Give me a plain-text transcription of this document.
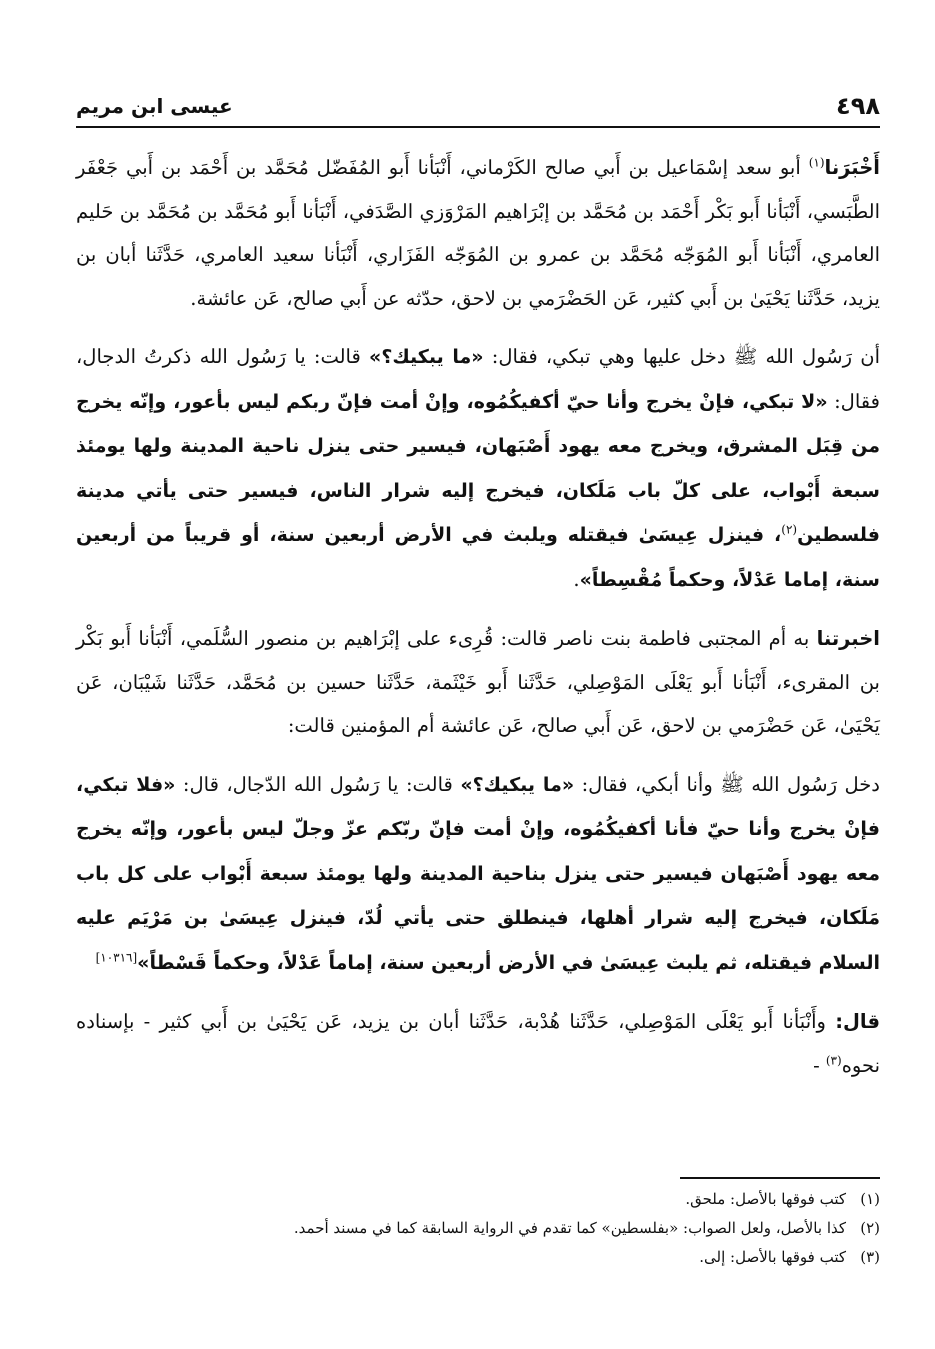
٤٩٨
عيسى ابن مريم

أَخْبَرَنا$^{(١)}$ أبو سعد إسْمَاعيل بن أَبي صالح الكَرْماني، أَنْبَأنا أَبو المُفَضّل مُحَمَّد بن أَحْمَد بن أَبي جَعْفَر الطَّبَسي، أَنْبَأنا أَبو بَكْر أَحْمَد بن مُحَمَّد بن إبْرَاهيم المَرْوَزي الصَّدَفي، أَنْبَأنا أَبو مُحَمَّد بن مُحَمَّد بن حَليم العامري، أَنْبَأنا أَبو المُوَجّه مُحَمَّد بن عمرو بن المُوَجّه الفَزَاري، أَنْبَأنا سعيد العامري، حَدَّثَنا أبان بن يزيد، حَدَّثَنا يَحْيَىٰ بن أَبي كثير، عَن الحَضْرَمي بن لاحق، حدّثه عن أَبي صالح، عَن عائشة.

أن رَسُول الله ﷺ دخل عليها وهي تبكي، فقال: «ما يبكيك؟» قالت: يا رَسُول الله ذكرتُ الدجال، فقال: «لا تبكي، فإنْ يخرج وأنا حيّ أكفيكُمُوه، وإنْ أمت فإنّ ربكم ليس بأعور، وإنّه يخرج من قِبَل المشرق، ويخرج معه يهود أَصْبَهان، فيسير حتى ينزل ناحية المدينة ولها يومئذ سبعة أَبْواب، على كلّ باب مَلَكان، فيخرج إليه شرار الناس، فيسير حتى يأتي مدينة فلسطين$^{(٢)}$، فينزل عِيسَىٰ فيقتله ويلبث في الأرض أربعين سنة، أو قريباً من أربعين سنة، إماما عَدْلاً، وحكماً مُقْسِطاً».

اخبرتنا به أم المجتبى فاطمة بنت ناصر قالت: قُرِىء على إبْرَاهيم بن منصور السُّلَمي، أَنْبَأنا أَبو بَكْر بن المقرىء، أَنْبَأنا أَبو يَعْلَى المَوْصِلي، حَدَّثَنا أَبو خَيْثَمة، حَدَّثَنا حسين بن مُحَمَّد، حَدَّثَنا شَيْبَان، عَن يَحْيَىٰ، عَن حَضْرَمي بن لاحق، عَن أَبي صالح، عَن عائشة أم المؤمنين قالت:

دخل رَسُول الله ﷺ وأنا أبكي، فقال: «ما يبكيك؟» قالت: يا رَسُول الله الدّجال، قال: «فلا تبكي، فإنْ يخرج وأنا حيّ فأنا أكفيكُمُوه، وإنْ أمت فإنّ ربّكم عزّ وجلّ ليس بأعور، وإنّه يخرج معه يهود أَصْبَهان فيسير حتى ينزل بناحية المدينة ولها يومئذ سبعة أَبْواب على كل باب مَلَكان، فيخرج إليه شرار أهلها، فينطلق حتى يأتي لُدّ، فينزل عِيسَىٰ بن مَرْيَم عليه السلام فيقتله، ثم يلبث عِيسَىٰ في الأرض أربعين سنة، إماماً عَدْلاً، وحكماً قَسْطاً»[١٠٣١٦]

قال: وأَنْبَأنا أَبو يَعْلَى المَوْصِلي، حَدَّثَنا هُدْبة، حَدَّثَنا أبان بن يزيد، عَن يَحْيَىٰ بن أَبي كثير - بإسناده نحوه$^{(٣)}$ -

(١)
كتب فوقها بالأصل: ملحق.
(٢)
كذا بالأصل، ولعل الصواب: «بفلسطين» كما تقدم في الرواية السابقة كما في مسند أحمد.
(٣)
كتب فوقها بالأصل: إلى.
